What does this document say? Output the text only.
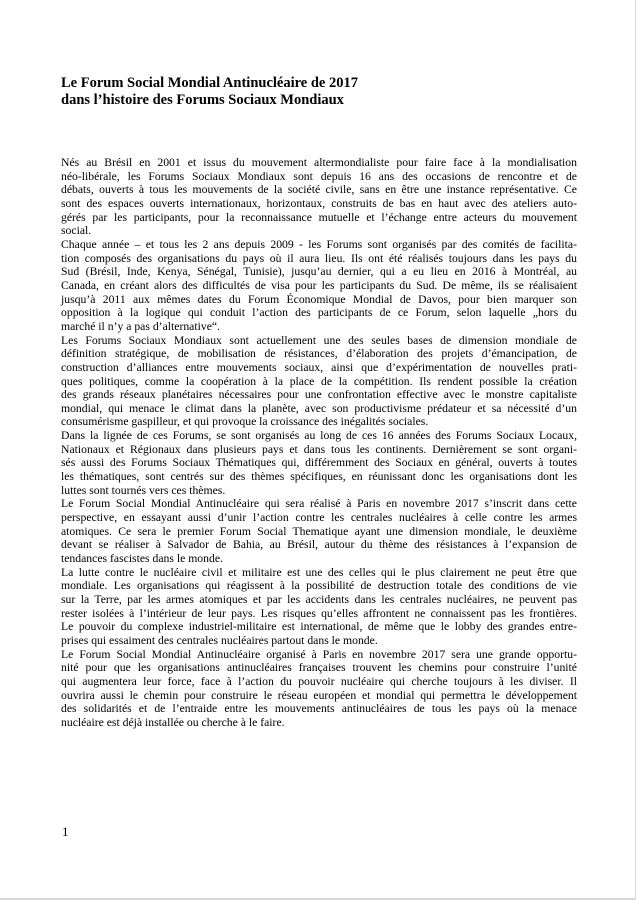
Le Forum Social Mondial Antinucléaire de 2017
dans l’histoire des Forums Sociaux Mondiaux

Nés au Brésil en 2001 et issus du mouvement altermondialiste pour faire face à la mondialisation
néo-libérale, les Forums Sociaux Mondiaux sont depuis 16 ans des occasions de rencontre et de
débats, ouverts à tous les mouvements de la société civile, sans en être une instance représentative. Ce
sont des espaces ouverts internationaux, horizontaux, construits de bas en haut avec des ateliers auto-
gérés par les participants, pour la reconnaissance mutuelle et l’échange entre acteurs du mouvement
social.

Chaque année – et tous les 2 ans depuis 2009 - les Forums sont organisés par des comités de facilita-
tion composés des organisations du pays où il aura lieu. Ils ont été réalisés toujours dans les pays du
Sud (Brésil, Inde, Kenya, Sénégal, Tunisie), jusqu’au dernier, qui a eu lieu en 2016 à Montréal, au
Canada, en créant alors des difficultés de visa pour les participants du Sud. De même, ils se réalisaient
jusqu’à 2011 aux mêmes dates du Forum Économique Mondial de Davos, pour bien marquer son
opposition à la logique qui conduit l’action des participants de ce Forum, selon laquelle „hors du
marché il n’y a pas d’alternative“.

Les Forums Sociaux Mondiaux sont actuellement une des seules bases de dimension mondiale de
définition stratégique, de mobilisation de résistances, d’élaboration des projets d’émancipation, de
construction d’alliances entre mouvements sociaux, ainsi que d’expérimentation de nouvelles prati-
ques politiques, comme la coopération à la place de la compétition. Ils rendent possible la création
des grands réseaux planétaires nécessaires pour une confrontation effective avec le monstre capitaliste
mondial, qui menace le climat dans la planète, avec son productivisme prédateur et sa nécessité d’un
consumérisme gaspilleur, et qui provoque la croissance des inégalités sociales.

Dans la lignée de ces Forums, se sont organisés au long de ces 16 années des Forums Sociaux Locaux,
Nationaux et Régionaux dans plusieurs pays et dans tous les continents. Dernièrement se sont organi-
sés aussi des Forums Sociaux Thématiques qui, différemment des Sociaux en général, ouverts à toutes
les thématiques, sont centrés sur des thèmes spécifiques, en réunissant donc les organisations dont les
luttes sont tournés vers ces thèmes.

Le Forum Social Mondial Antinucléaire qui sera réalisé à Paris en novembre 2017 s’inscrit dans cette
perspective, en essayant aussi d’unir l’action contre les centrales nucléaires à celle contre les armes
atomiques. Ce sera le premier Forum Social Thematique ayant une dimension mondiale, le deuxième
devant se réaliser à Salvador de Bahia, au Brésil, autour du thème des résistances à l’expansion de
tendances fascistes dans le monde.

La lutte contre le nucléaire civil et militaire est une des celles qui le plus clairement ne peut être que
mondiale. Les organisations qui réagissent à la possibilité de destruction totale des conditions de vie
sur la Terre, par les armes atomiques et par les accidents dans les centrales nucléaires, ne peuvent pas
rester isolées à l’intérieur de leur pays. Les risques qu’elles affrontent ne connaissent pas les frontières.
Le pouvoir du complexe industriel-militaire est international, de même que le lobby des grandes entre-
prises qui essaiment des centrales nucléaires partout dans le monde.

Le Forum Social Mondial Antinucléaire organisé à Paris en novembre 2017 sera une grande opportu-
nité pour que les organisations antinucléaires françaises trouvent les chemins pour construire l’unité
qui augmentera leur force, face à l’action du pouvoir nucléaire qui cherche toujours à les diviser. Il
ouvrira aussi le chemin pour construire le réseau européen et mondial qui permettra le développement
des solidarités et de l’entraide entre les mouvements antinucléaires de tous les pays où la menace
nucléaire est déjà installée ou cherche à le faire.

1
